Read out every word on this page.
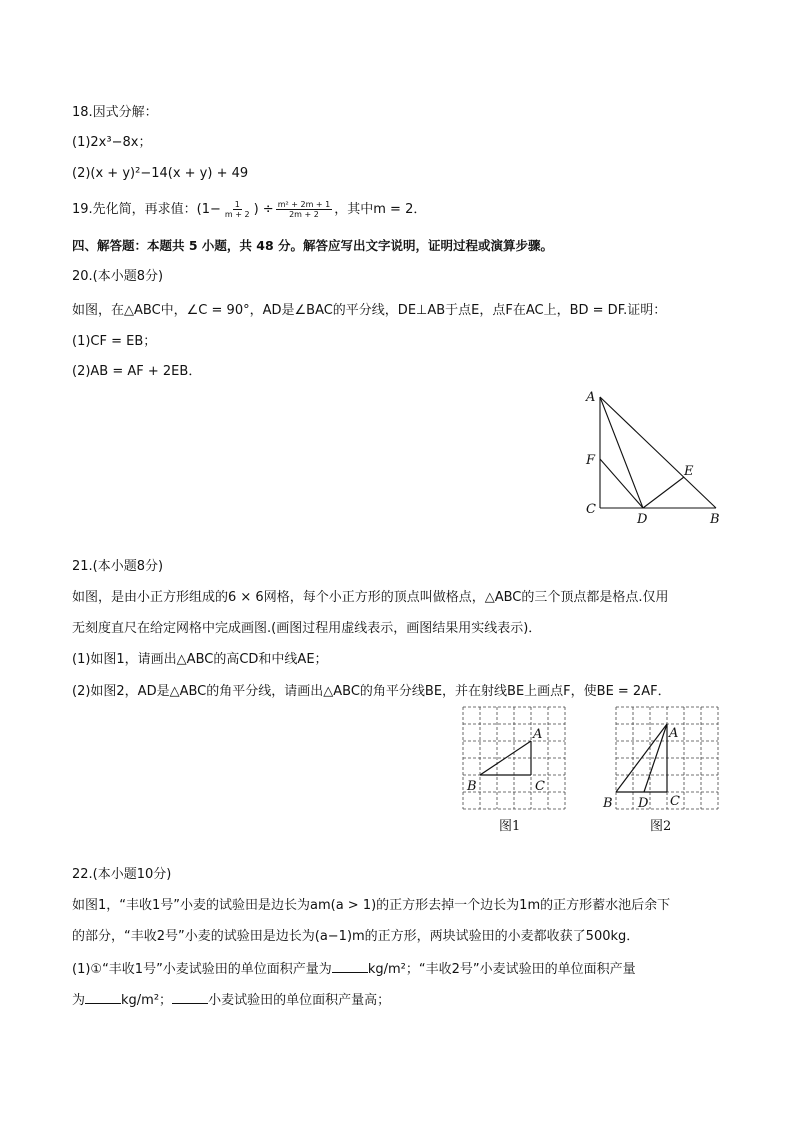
18.因式分解：
(1)2x³−8x；
(2)(x + y)²−14(x + y) + 49
19.先化简，再求值：($1- \frac{1}{m + 2}$ ) ÷ $\frac{\text{m² + 2m + 1}}{2m + 2}$ ，其中m = 2．
四、解答题：本题共 5 小题，共 48 分。解答应写出文字说明，证明过程或演算步骤。
20.(本小题8分)
如图，在△ABC中，∠C = 90°，AD是∠BAC的平分线，DE⊥AB于点E，点F在AC上，BD = DF.证明：
(1)CF = EB；
(2)AB = AF + 2EB．
A
F
C
D	B
E
21.(本小题8分)
如图，是由小正方形组成的6 × 6网格，每个小正方形的顶点叫做格点，△ABC的三个顶点都是格点.仅用
无刻度直尺在给定网格中完成画图.(画图过程用虚线表示，画图结果用实线表示)．
(1)如图1，请画出△ABC的高CD和中线AE；
(2)如图2，AD是△ABC的角平分线，请画出△ABC的角平分线BE，并在射线BE上画点F，使BE = 2AF．
A
B	C
图1
A
B D C
图2
22.(本小题10分)
如图1，“丰收1号”小麦的试验田是边长为am(a > 1)的正方形去掉一个边长为1m的正方形蓄水池后余下
的部分，“丰收2号”小麦的试验田是边长为(a−1)m的正方形，两块试验田的小麦都收获了500kg．
(1)①“丰收1号”小麦试验田的单位面积产量为	kg/m²；“丰收2号”小麦试验田的单位面积产量
为	kg/m²；	小麦试验田的单位面积产量高；
